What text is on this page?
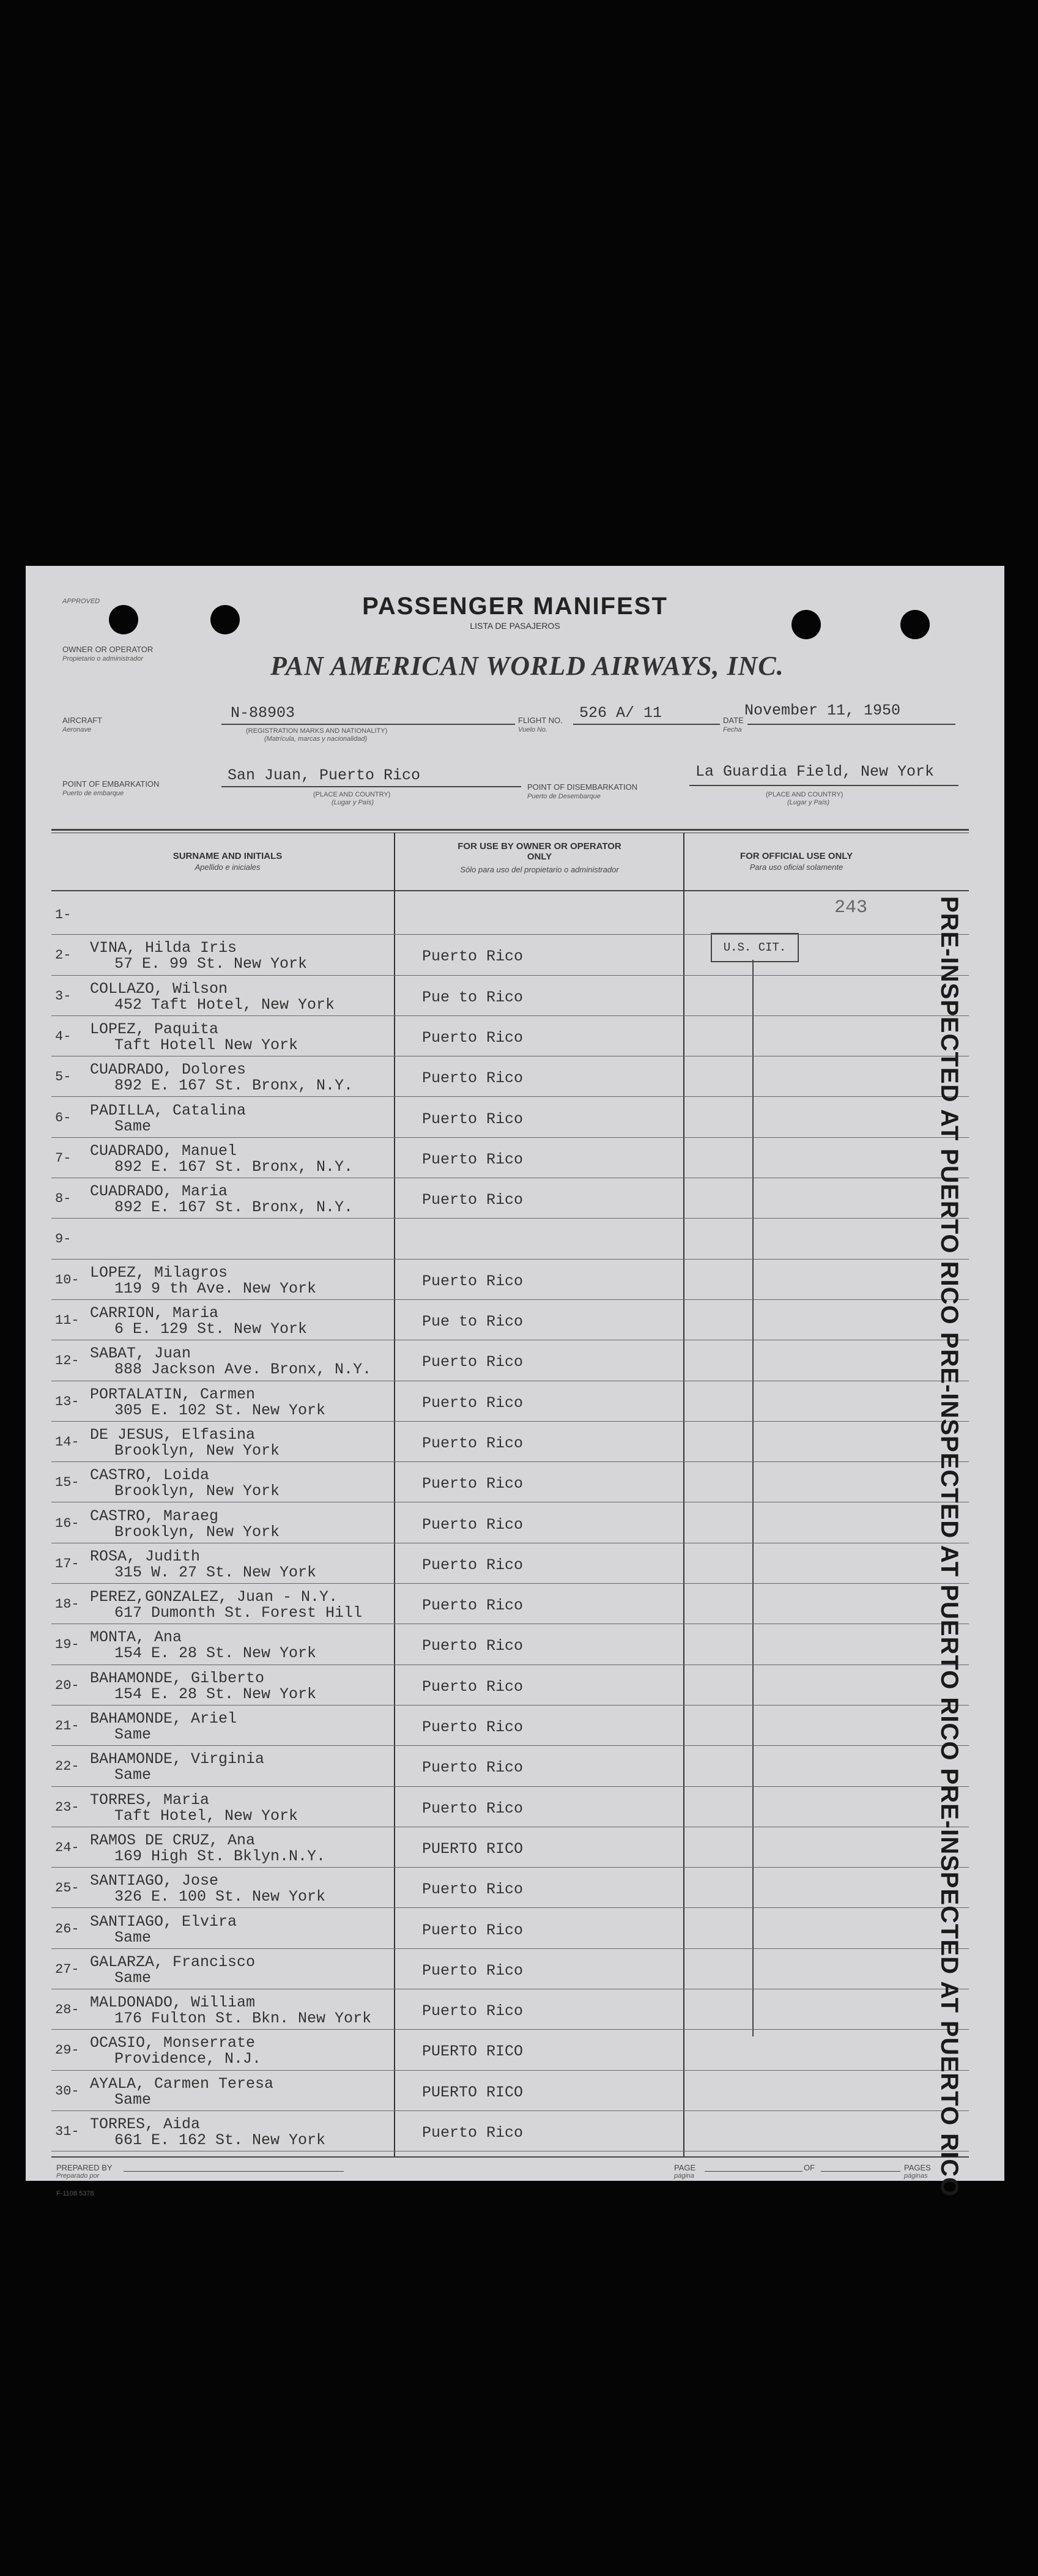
APPROVED	PASSENGER MANIFEST
LISTA DE PASAJEROS
OWNER OR OPERATOR
Propietario o administrador	PAN AMERICAN WORLD AIRWAYS, INC.
AIRCRAFT
Aeronave
N-88903
(REGISTRATION MARKS AND NATIONALITY)
(Matrícula, marcas y nacionalidad)
FLIGHT NO.
Vuelo No.
526 A/ 11	DATE
Fecha
November 11, 1950
POINT OF EMBARKATION
Puerto de embarque
San Juan, Puerto Rico
(PLACE AND COUNTRY)
(Lugar y País)
POINT OF DISEMBARKATION
Puerto de Desembarque
La Guardia Field, New York
(PLACE AND COUNTRY)
(Lugar y País)
SURNAME AND INITIALS
Apellido e iniciales
FOR USE BY OWNER OR OPERATOR ONLY
Sólo para uso del propietario o administrador
FOR OFFICIAL USE ONLY
Para uso oficial solamente
243
U.S. CIT.
1-
2- VINA, Hilda Iris
57 E. 99 St. New York	Puerto Rico
3- COLLAZO, Wilson
452 Taft Hotel, New York	Pue to Rico
4- LOPEZ, Paquita
Taft Hotell New York	Puerto Rico
5- CUADRADO, Dolores
892 E. 167 St. Bronx, N.Y.	Puerto Rico
6- PADILLA, Catalina
Same	Puerto Rico
7- CUADRADO, Manuel
892 E. 167 St. Bronx, N.Y.	Puerto Rico
8- CUADRADO, Maria
892 E. 167 St. Bronx, N.Y.	Puerto Rico
9-
10- LOPEZ, Milagros
119 9 th Ave. New York	Puerto Rico
11- CARRION, Maria
6 E. 129 St. New York	Pue to Rico
12- SABAT, Juan
888 Jackson Ave. Bronx, N.Y.	Puerto Rico
13- PORTALATIN, Carmen
305 E. 102 St. New York	Puerto Rico
14- DE JESUS, Elfasina
Brooklyn, New York	Puerto Rico
15- CASTRO, Loida
Brooklyn, New York	Puerto Rico
16- CASTRO, Maraeg
Brooklyn, New York	Puerto Rico
17- ROSA, Judith
315 W. 27 St. New York	Puerto Rico
18- PEREZ,GONZALEZ, Juan - N.Y.
617 Dumonth St. Forest Hill	Puerto Rico
19- MONTA, Ana
154 E. 28 St. New York	Puerto Rico
20- BAHAMONDE, Gilberto
154 E. 28 St. New York	Puerto Rico
21- BAHAMONDE, Ariel
Same	Puerto Rico
22- BAHAMONDE, Virginia
Same	Puerto Rico
23- TORRES, Maria
Taft Hotel, New York	Puerto Rico
24- RAMOS DE CRUZ, Ana
169 High St. Bklyn.N.Y.	PUERTO RICO
25- SANTIAGO, Jose
326 E. 100 St. New York	Puerto Rico
26- SANTIAGO, Elvira
Same	Puerto Rico
27- GALARZA, Francisco
Same	Puerto Rico
28- MALDONADO, William
176 Fulton St. Bkn. New York	Puerto Rico
29- OCASIO, Monserrate
Providence, N.J.	PUERTO RICO
30- AYALA, Carmen Teresa
Same	PUERTO RICO
31- TORRES, Aida
661 E. 162 St. New York	Puerto Rico	PRE-INSPECTED AT PUERTO RICO PRE-INSPECTED AT PUERTO RICO PRE-INSPECTED AT PUERTO RICO
PREPARED BY
Preparado por
F-1108 5378
PAGE
página
OF	PAGES
páginas
